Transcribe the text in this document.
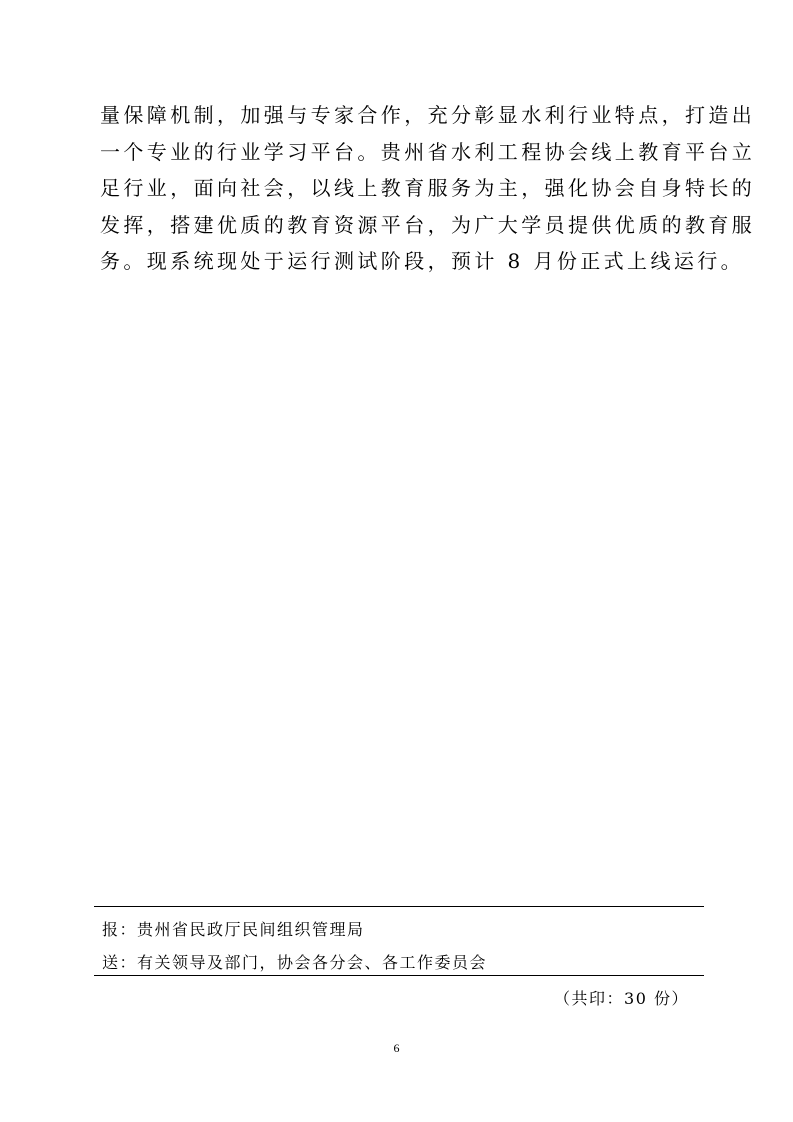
量保障机制，加强与专家合作，充分彰显水利行业特点，打造出
一个专业的行业学习平台。贵州省水利工程协会线上教育平台立
足行业，面向社会，以线上教育服务为主，强化协会自身特长的
发挥，搭建优质的教育资源平台，为广大学员提供优质的教育服
务。现系统现处于运行测试阶段，预计 8 月份正式上线运行。
报：贵州省民政厅民间组织管理局
送：有关领导及部门，协会各分会、各工作委员会
（共印：30 份）
6
